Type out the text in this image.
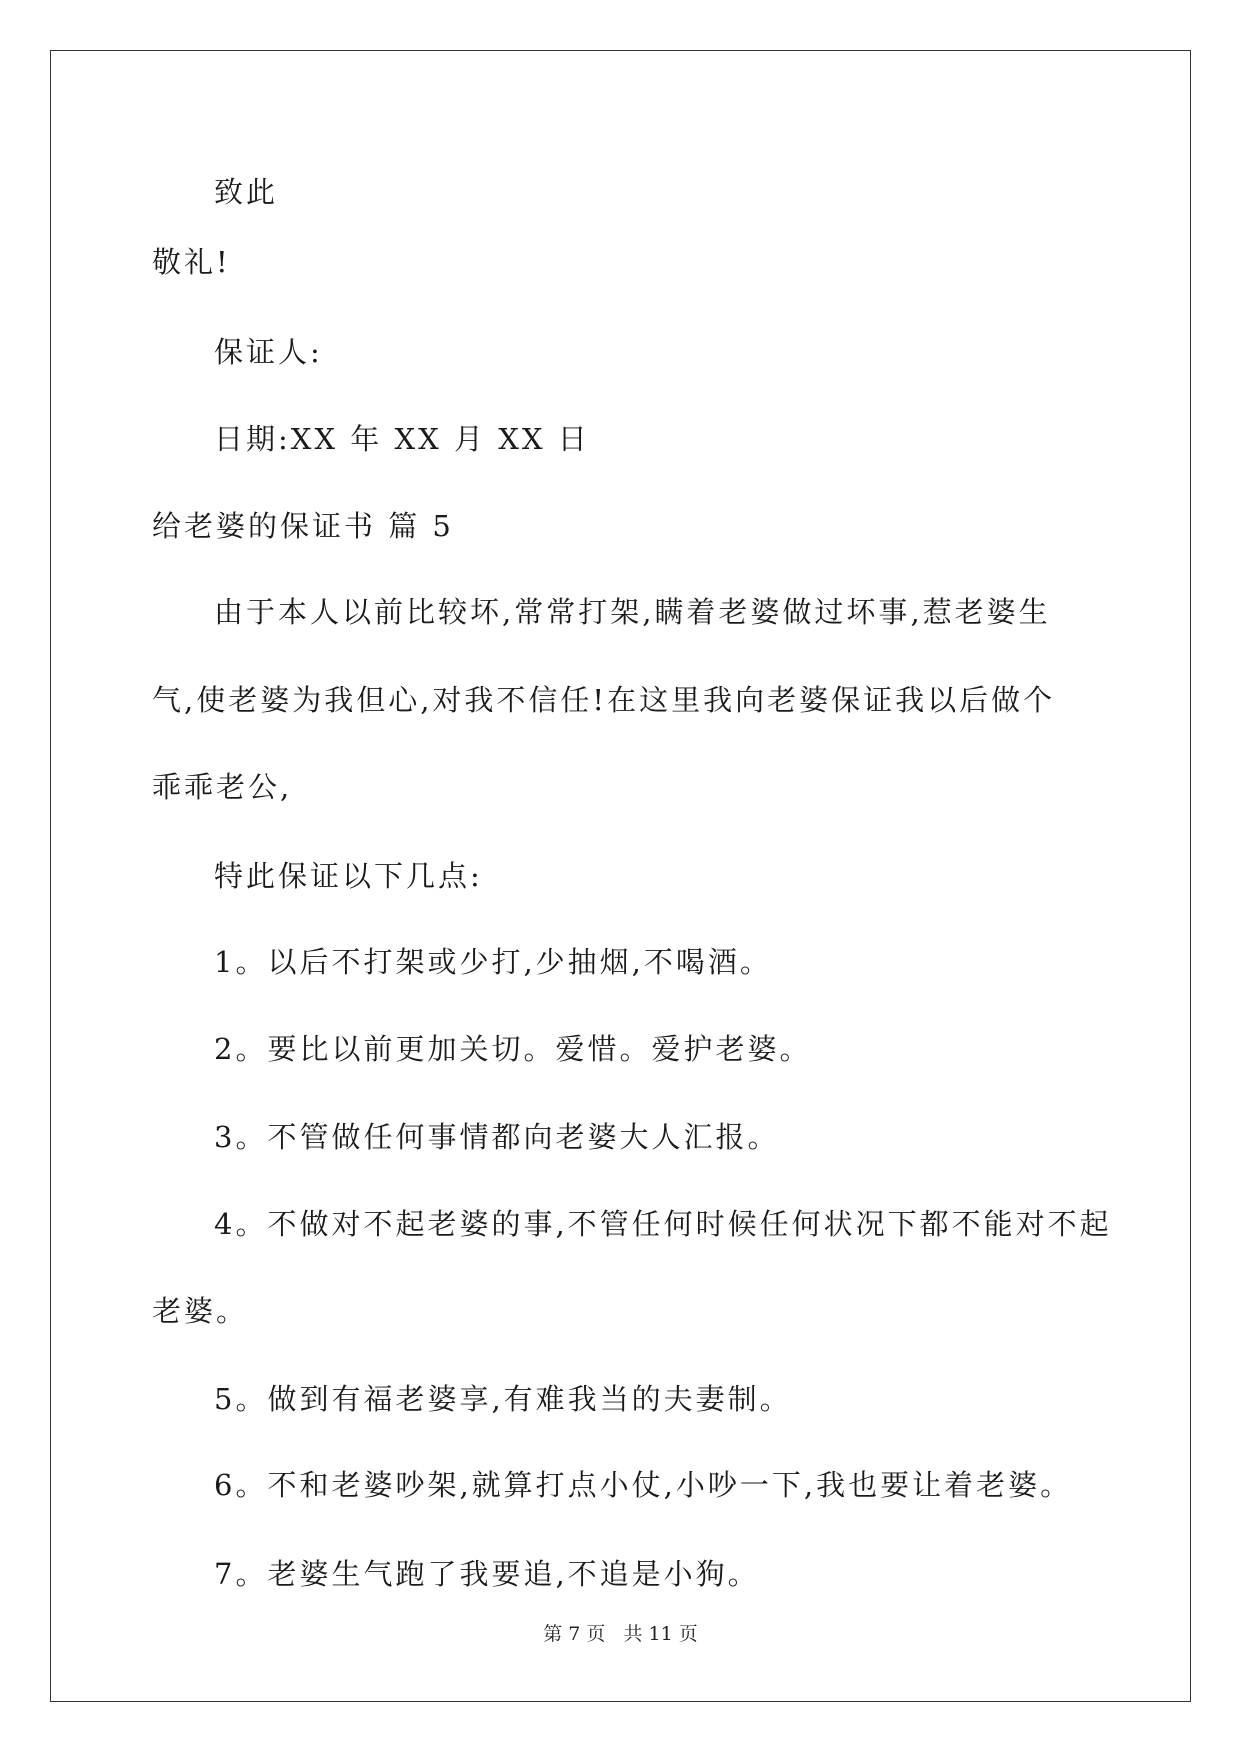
致此
敬礼!
保证人:
日期:XX 年 XX 月 XX 日
给老婆的保证书 篇 5
由于本人以前比较坏,常常打架,瞒着老婆做过坏事,惹老婆生
气,使老婆为我但心,对我不信任!在这里我向老婆保证我以后做个
乖乖老公,
特此保证以下几点:
1。以后不打架或少打,少抽烟,不喝酒。
2。要比以前更加关切。爱惜。爱护老婆。
3。不管做任何事情都向老婆大人汇报。
4。不做对不起老婆的事,不管任何时候任何状况下都不能对不起
老婆。
5。做到有福老婆享,有难我当的夫妻制。
6。不和老婆吵架,就算打点小仗,小吵一下,我也要让着老婆。
7。老婆生气跑了我要追,不追是小狗。
第 7 页 共 11 页
